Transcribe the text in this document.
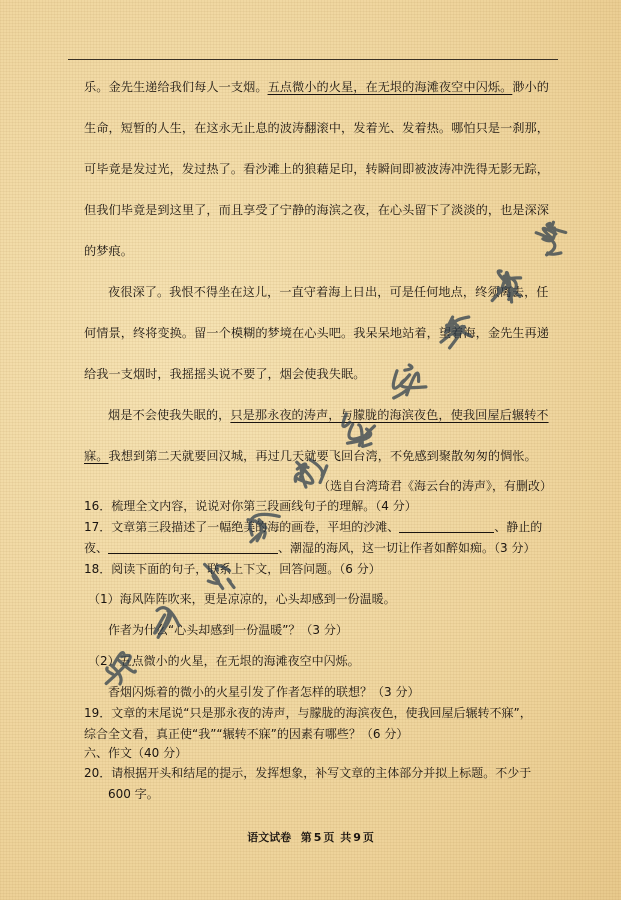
乐。金先生递给我们每人一支烟。五点微小的火星，在无垠的海滩夜空中闪烁。渺小的
生命，短暂的人生，在这永无止息的波涛翻滚中，发着光、发着热。哪怕只是一刹那，
可毕竟是发过光，发过热了。看沙滩上的狼藉足印，转瞬间即被波涛冲洗得无影无踪，
但我们毕竟是到这里了，而且享受了宁静的海滨之夜，在心头留下了淡淡的，也是深深
的梦痕。
夜很深了。我恨不得坐在这儿，一直守着海上日出，可是任何地点，终须离去，任
何情景，终将变换。留一个模糊的梦境在心头吧。我呆呆地站着，望着海，金先生再递
给我一支烟时，我摇摇头说不要了，烟会使我失眠。
烟是不会使我失眠的，只是那永夜的涛声，与朦胧的海滨夜色，使我回屋后辗转不
寐。我想到第二天就要回汉城，再过几天就要飞回台湾，不免感到聚散匆匆的惆怅。
（选自台湾琦君《海云台的涛声》，有删改）
16．梳理全文内容，说说对你第三段画线句子的理解。（4 分）
17．文章第三段描述了一幅绝美的海的画卷，平坦的沙滩、	、静止的
夜、	、潮湿的海风，这一切让作者如醉如痴。（3 分）
18．阅读下面的句子，联系上下文，回答问题。（6 分）
（1）海风阵阵吹来，更是凉凉的，心头却感到一份温暖。
作者为什么“心头却感到一份温暖”？（3 分）
（2）五点微小的火星，在无垠的海滩夜空中闪烁。
香烟闪烁着的微小的火星引发了作者怎样的联想？（3 分）
19．文章的末尾说“只是那永夜的涛声，与朦胧的海滨夜色，使我回屋后辗转不寐”，
综合全文看，真正使“我”“辗转不寐”的因素有哪些？（6 分）
六、作文（40 分）
20．请根据开头和结尾的提示，发挥想象，补写文章的主体部分并拟上标题。不少于
600 字。
语文试卷 第 5 页 共 9 页
